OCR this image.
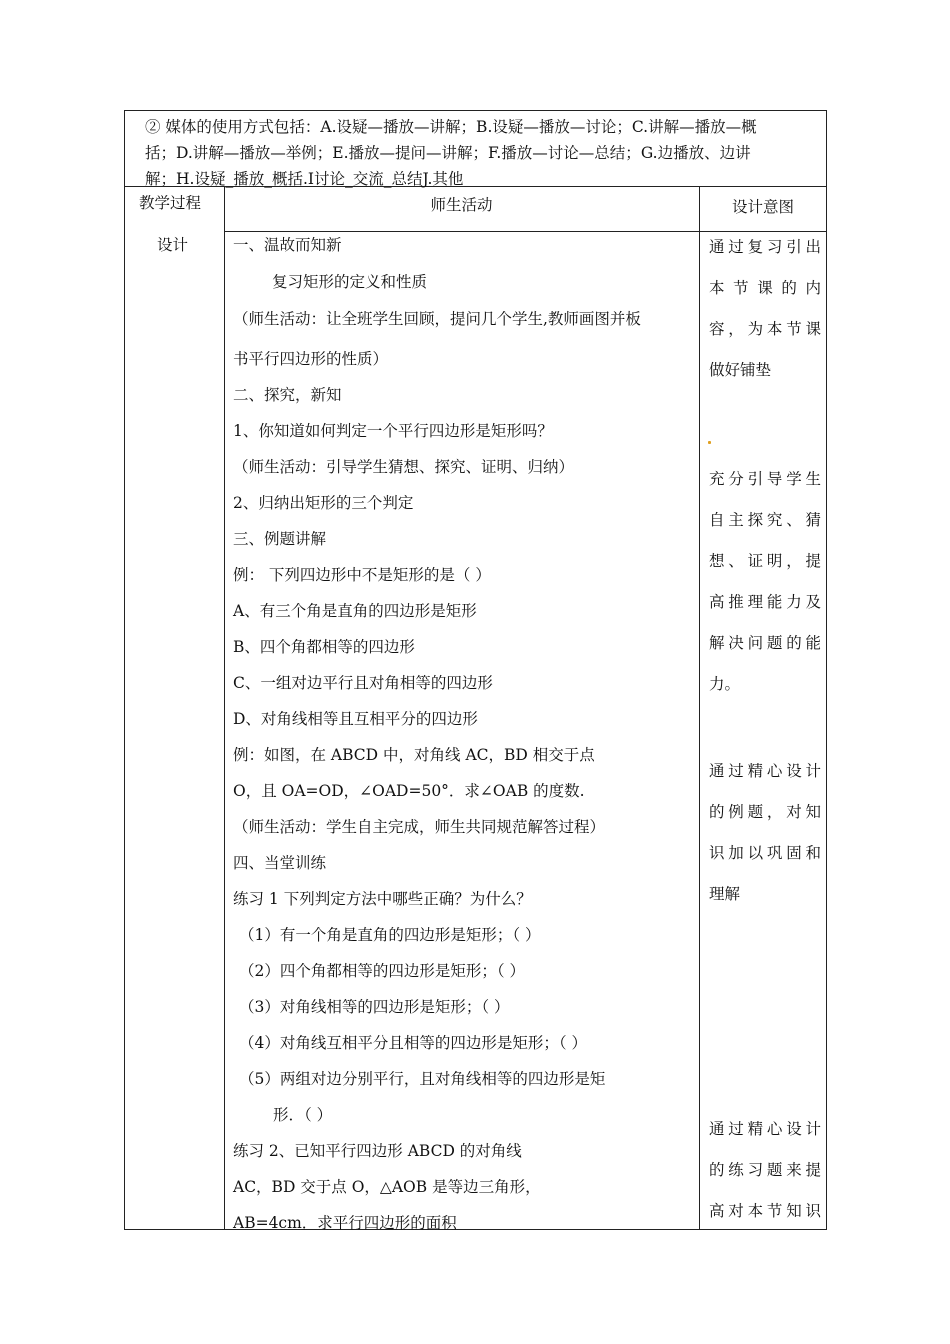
② 媒体的使用方式包括：A.设疑—播放—讲解；B.设疑—播放—讨论；C.讲解—播放—概
括；D.讲解—播放—举例；E.播放—提问—讲解；F.播放—讨论—总结；G.边播放、边讲
解；H.设疑_播放_概括.I讨论_交流_总结J.其他
教学过程
设计
师生活动	设计意图
一、温故而知新
复习矩形的定义和性质
（师生活动：让全班学生回顾，提问几个学生,教师画图并板
书平行四边形的性质）
二、探究，新知
1、你知道如何判定一个平行四边形是矩形吗？
（师生活动：引导学生猜想、探究、证明、归纳）
2、归纳出矩形的三个判定
三、例题讲解
例： 下列四边形中不是矩形的是（ ）
A、有三个角是直角的四边形是矩形
B、四个角都相等的四边形
C、一组对边平行且对角相等的四边形
D、对角线相等且互相平分的四边形
例：如图，在 ABCD 中，对角线 AC，BD 相交于点
O，且 OA=OD，∠OAD=50°．求∠OAB 的度数.
（师生活动：学生自主完成，师生共同规范解答过程）
四、当堂训练
练习 1 下列判定方法中哪些正确？为什么？
（1）有一个角是直角的四边形是矩形；（ ）
（2）四个角都相等的四边形是矩形；（ ）
（3）对角线相等的四边形是矩形；（ ）
（4）对角线互相平分且相等的四边形是矩形；（ ）
（5）两组对边分别平行，且对角线相等的四边形是矩
形．（ ）
练习 2、已知平行四边形 ABCD 的对角线
AC，BD 交于点 O，△AOB 是等边三角形，
AB=4cm．求平行四边形的面积
通过复习引出
本节课的内
容，为本节课
做好铺垫
充分引导学生
自主探究、猜
想、证明，提
高推理能力及
解决问题的能
力。
通过精心设计
的例题，对知
识加以巩固和
理解
通过精心设计
的练习题来提
高对本节知识
